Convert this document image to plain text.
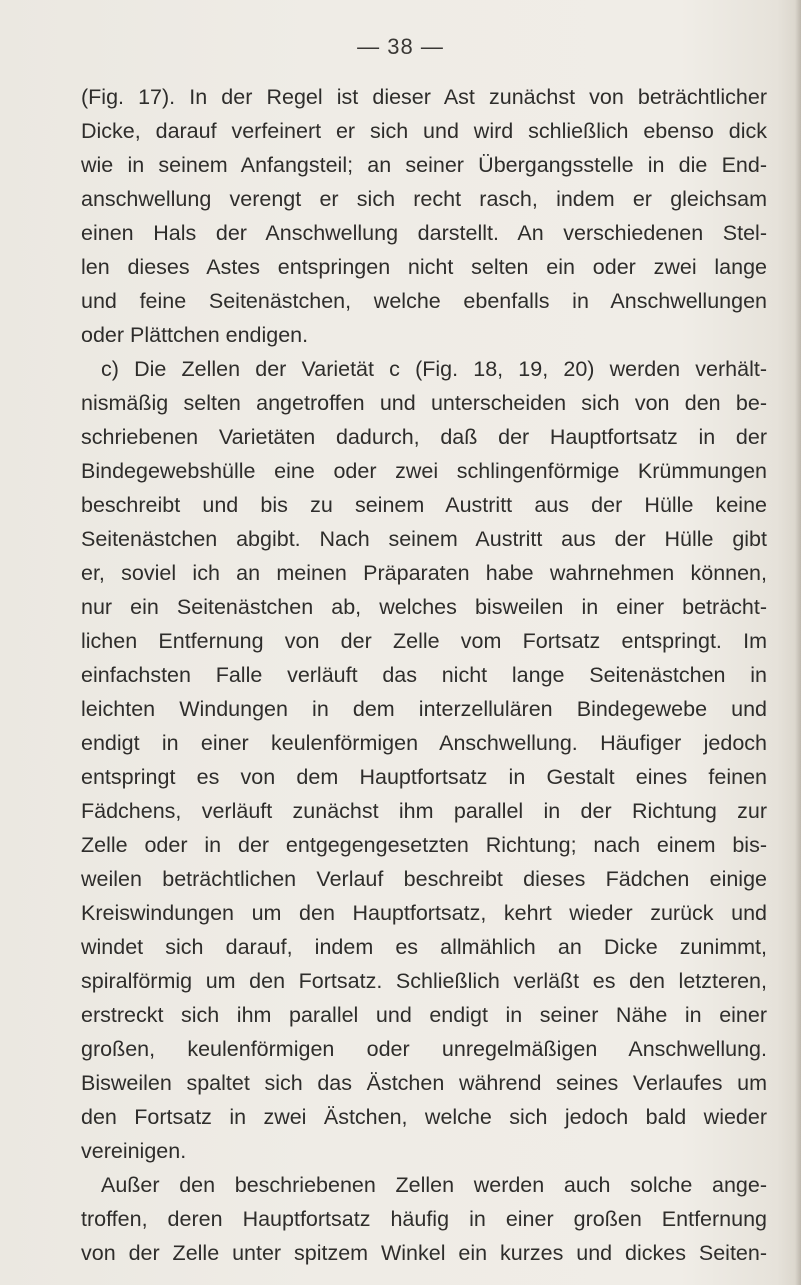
— 38 —
(Fig. 17). In der Regel ist dieser Ast zunächst von beträchtlicher
Dicke, darauf verfeinert er sich und wird schließlich ebenso dick
wie in seinem Anfangsteil; an seiner Übergangsstelle in die End-
anschwellung verengt er sich recht rasch, indem er gleichsam
einen Hals der Anschwellung darstellt. An verschiedenen Stel-
len dieses Astes entspringen nicht selten ein oder zwei lange
und feine Seitenästchen, welche ebenfalls in Anschwellungen
oder Plättchen endigen.
c) Die Zellen der Varietät c (Fig. 18, 19, 20) werden verhält-
nismäßig selten angetroffen und unterscheiden sich von den be-
schriebenen Varietäten dadurch, daß der Hauptfortsatz in der
Bindegewebshülle eine oder zwei schlingenförmige Krümmungen
beschreibt und bis zu seinem Austritt aus der Hülle keine
Seitenästchen abgibt. Nach seinem Austritt aus der Hülle gibt
er, soviel ich an meinen Präparaten habe wahrnehmen können,
nur ein Seitenästchen ab, welches bisweilen in einer beträcht-
lichen Entfernung von der Zelle vom Fortsatz entspringt. Im
einfachsten Falle verläuft das nicht lange Seitenästchen in
leichten Windungen in dem interzellulären Bindegewebe und
endigt in einer keulenförmigen Anschwellung. Häufiger jedoch
entspringt es von dem Hauptfortsatz in Gestalt eines feinen
Fädchens, verläuft zunächst ihm parallel in der Richtung zur
Zelle oder in der entgegengesetzten Richtung; nach einem bis-
weilen beträchtlichen Verlauf beschreibt dieses Fädchen einige
Kreiswindungen um den Hauptfortsatz, kehrt wieder zurück und
windet sich darauf, indem es allmählich an Dicke zunimmt,
spiralförmig um den Fortsatz. Schließlich verläßt es den letzteren,
erstreckt sich ihm parallel und endigt in seiner Nähe in einer
großen, keulenförmigen oder unregelmäßigen Anschwellung.
Bisweilen spaltet sich das Ästchen während seines Verlaufes um
den Fortsatz in zwei Ästchen, welche sich jedoch bald wieder
vereinigen.
Außer den beschriebenen Zellen werden auch solche ange-
troffen, deren Hauptfortsatz häufig in einer großen Entfernung
von der Zelle unter spitzem Winkel ein kurzes und dickes Seiten-
